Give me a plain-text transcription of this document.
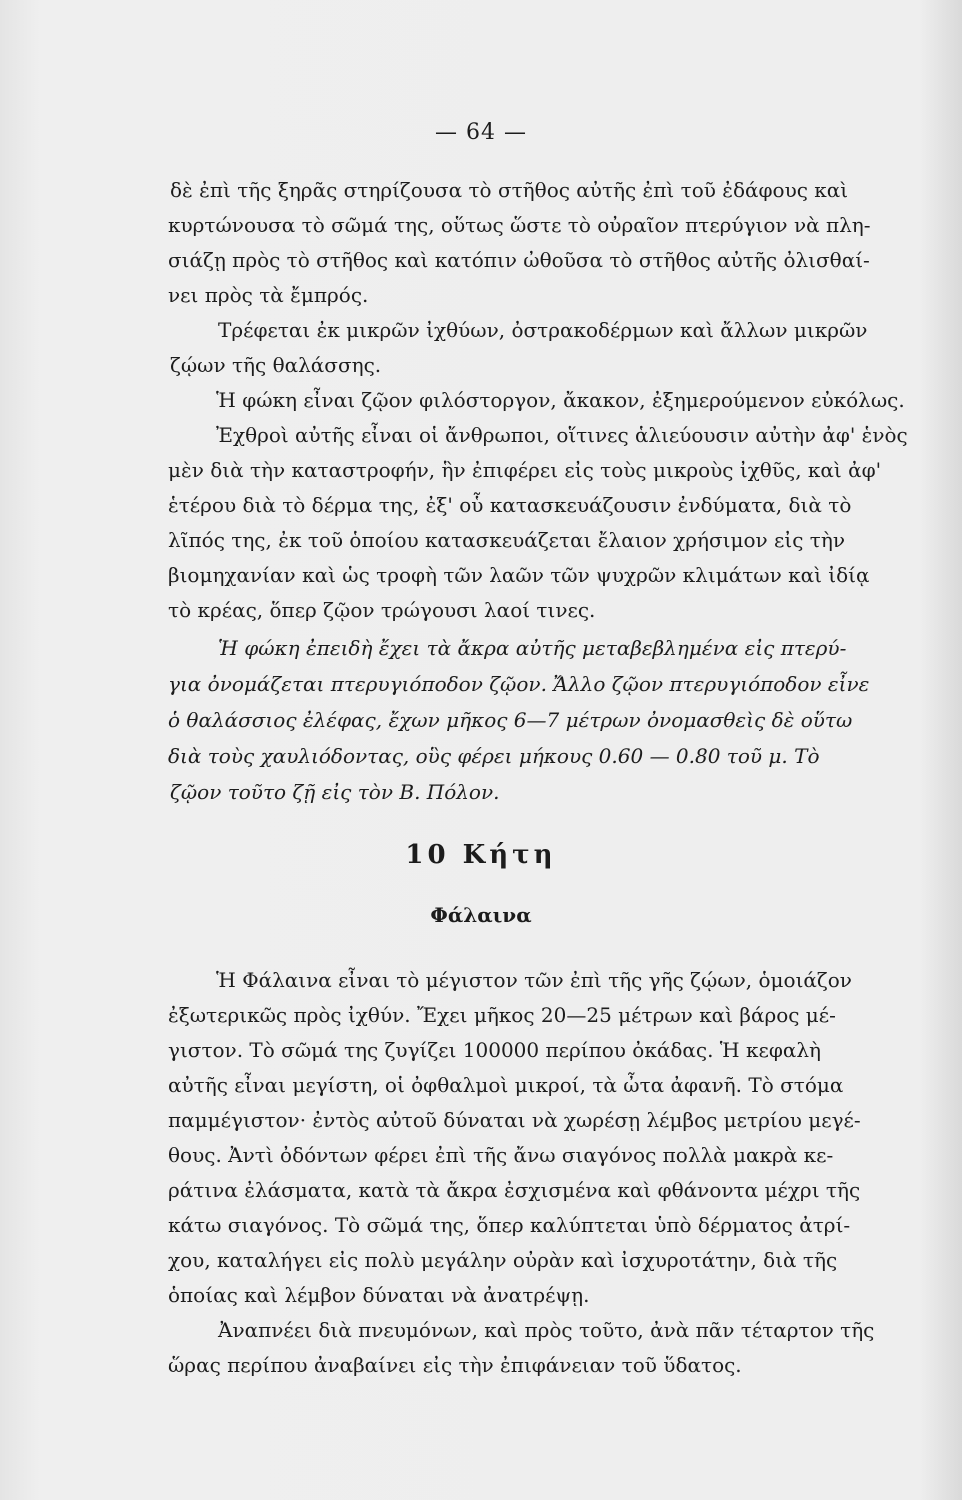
— 64 —
δὲ ἐπὶ τῆς ξηρᾶς στηρίζουσα τὸ στῆθος αὐτῆς ἐπὶ τοῦ ἐδάφους καὶ
κυρτώνουσα τὸ σῶμά της, οὕτως ὥστε τὸ οὐραῖον πτερύγιον νὰ πλη-
σιάζῃ πρὸς τὸ στῆθος καὶ κατόπιν ὠθοῦσα τὸ στῆθος αὐτῆς ὀλισθαί-
νει πρὸς τὰ ἔμπρός.
Τρέφεται ἐκ μικρῶν ἰχθύων, ὀστρακοδέρμων καὶ ἄλλων μικρῶν
ζῴων τῆς θαλάσσης.
Ἡ φώκη εἶναι ζῷον φιλόστοργον, ἄκακον, ἐξημερούμενον εὐκόλως.
Ἐχθροὶ αὐτῆς εἶναι οἱ ἄνθρωποι, οἵτινες ἁλιεύουσιν αὐτὴν ἀφ' ἑνὸς
μὲν διὰ τὴν καταστροφήν, ἣν ἐπιφέρει εἰς τοὺς μικροὺς ἰχθῦς, καὶ ἀφ'
ἑτέρου διὰ τὸ δέρμα της, ἐξ' οὗ κατασκευάζουσιν ἐνδύματα, διὰ τὸ
λῖπός της, ἐκ τοῦ ὁποίου κατασκευάζεται ἔλαιον χρήσιμον εἰς τὴν
βιομηχανίαν καὶ ὡς τροφὴ τῶν λαῶν τῶν ψυχρῶν κλιμάτων καὶ ἰδίᾳ
τὸ κρέας, ὅπερ ζῷον τρώγουσι λαοί τινες.
Ἡ φώκη ἐπειδὴ ἔχει τὰ ἄκρα αὐτῆς μεταβεβλημένα εἰς πτερύ-
για ὀνομάζεται πτερυγιόποδον ζῷον. Ἄλλο ζῷον πτερυγιόποδον εἶνε
ὁ θαλάσσιος ἐλέφας, ἔχων μῆκος 6—7 μέτρων ὀνομασθεὶς δὲ οὕτω
διὰ τοὺς χαυλιόδοντας, οὓς φέρει μήκους 0.60 — 0.80 τοῦ μ. Τὸ
ζῷον τοῦτο ζῇ εἰς τὸν Β. Πόλον.
10 Κήτη
Φάλαινα
Ἡ Φάλαινα εἶναι τὸ μέγιστον τῶν ἐπὶ τῆς γῆς ζῴων, ὁμοιάζον
ἐξωτερικῶς πρὸς ἰχθύν. Ἔχει μῆκος 20—25 μέτρων καὶ βάρος μέ-
γιστον. Τὸ σῶμά της ζυγίζει 100000 περίπου ὀκάδας. Ἡ κεφαλὴ
αὐτῆς εἶναι μεγίστη, οἱ ὀφθαλμοὶ μικροί, τὰ ὦτα ἀφανῆ. Τὸ στόμα
παμμέγιστον· ἐντὸς αὐτοῦ δύναται νὰ χωρέσῃ λέμβος μετρίου μεγέ-
θους. Ἀντὶ ὀδόντων φέρει ἐπὶ τῆς ἄνω σιαγόνος πολλὰ μακρὰ κε-
ράτινα ἐλάσματα, κατὰ τὰ ἄκρα ἐσχισμένα καὶ φθάνοντα μέχρι τῆς
κάτω σιαγόνος. Τὸ σῶμά της, ὅπερ καλύπτεται ὑπὸ δέρματος ἀτρί-
χου, καταλήγει εἰς πολὺ μεγάλην οὐρὰν καὶ ἰσχυροτάτην, διὰ τῆς
ὁποίας καὶ λέμβον δύναται νὰ ἀνατρέψῃ.
Ἀναπνέει διὰ πνευμόνων, καὶ πρὸς τοῦτο, ἀνὰ πᾶν τέταρτον τῆς
ὥρας περίπου ἀναβαίνει εἰς τὴν ἐπιφάνειαν τοῦ ὕδατος.
